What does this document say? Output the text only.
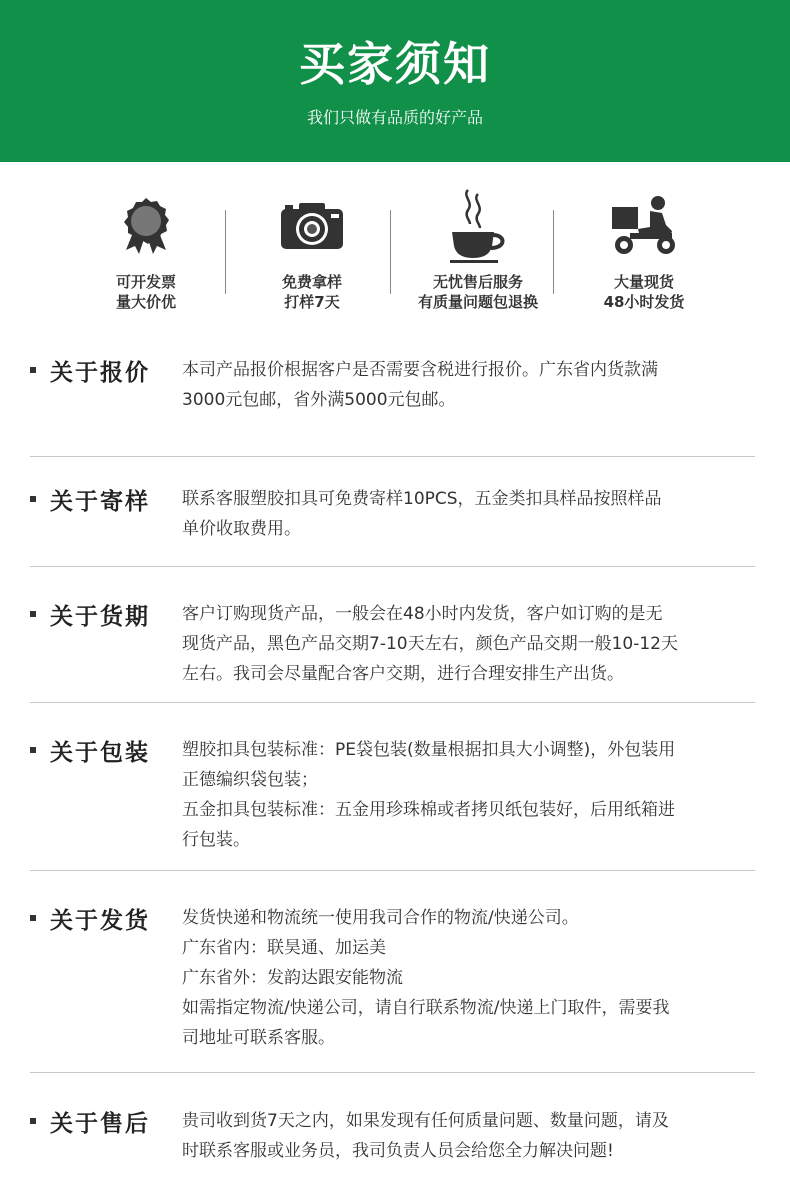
买家须知
我们只做有品质的好产品
可开发票
量大价优
免费拿样
打样7天
无忧售后服务
有质量问题包退换
大量现货
48小时发货
关于报价 本司产品报价根据客户是否需要含税进行报价。广东省内货款满
3000元包邮，省外满5000元包邮。
关于寄样 联系客服塑胶扣具可免费寄样10PCS，五金类扣具样品按照样品
单价收取费用。
关于货期 客户订购现货产品，一般会在48小时内发货，客户如订购的是无
现货产品，黑色产品交期7-10天左右，颜色产品交期一般10-12天
左右。我司会尽量配合客户交期，进行合理安排生产出货。
关于包装 塑胶扣具包装标准：PE袋包装(数量根据扣具大小调整)，外包装用
正德编织袋包装；
五金扣具包装标准：五金用珍珠棉或者拷贝纸包装好，后用纸箱进
行包装。
关于发货 发货快递和物流统一使用我司合作的物流/快递公司。
广东省内：联昊通、加运美
广东省外：发韵达跟安能物流
如需指定物流/快递公司，请自行联系物流/快递上门取件，需要我
司地址可联系客服。
关于售后 贵司收到货7天之内，如果发现有任何质量问题、数量问题，请及
时联系客服或业务员，我司负责人员会给您全力解决问题!
